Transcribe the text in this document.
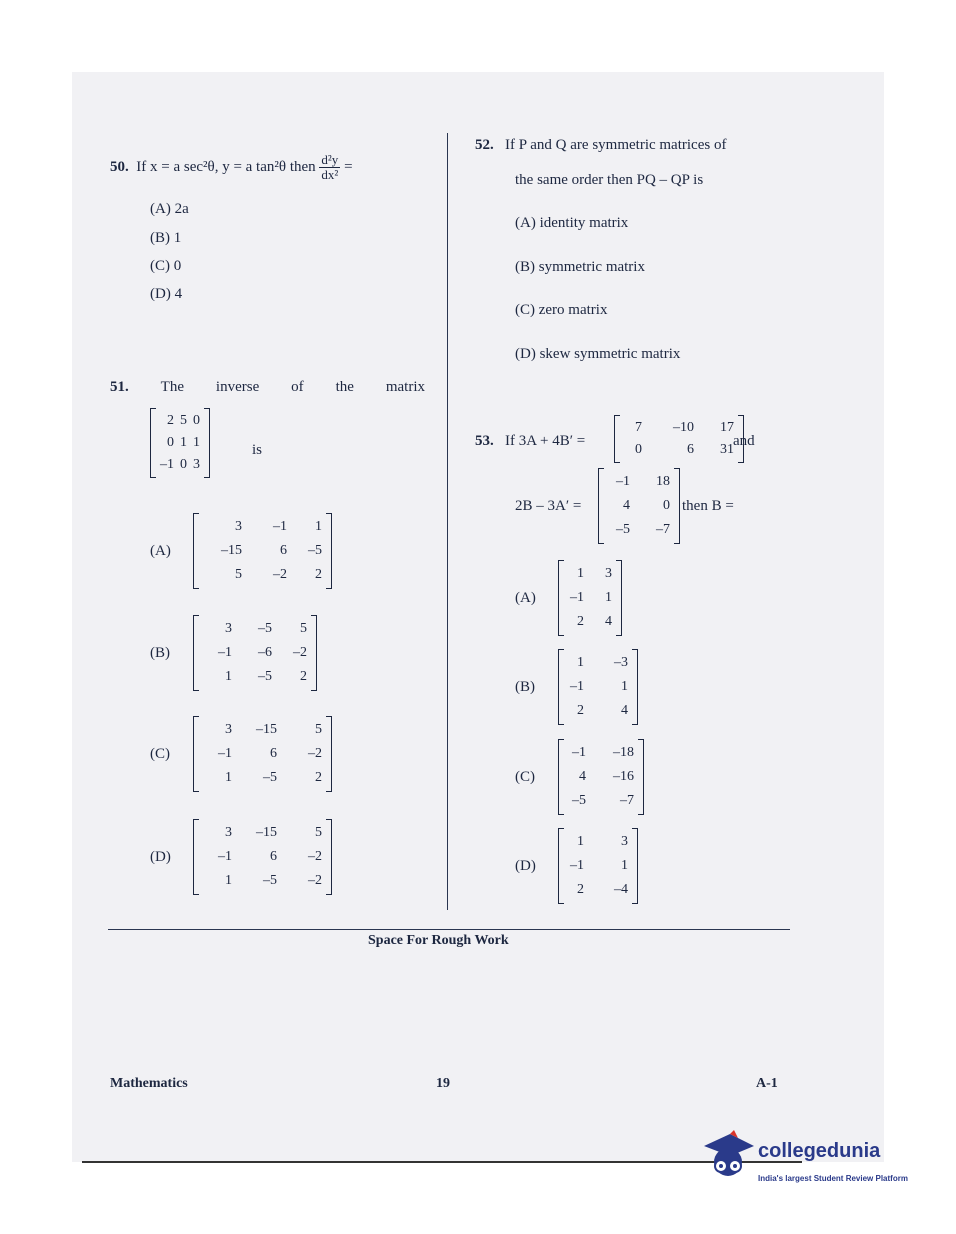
50. If x = a sec²θ, y = a tan²θ then $\frac{\text{d²y}}{\text{dx²}}$ =
(A) 2a
(B) 1
(C) 0
(D) 4
51. The inverse of the matrix
2 5 0
0 1 1
–1 0 3
is
(A)
3	–1	1
–15	6	–5
5	–2	2
(B)
3	–5	5
–1	–6	–2
1	–5	2
(C)
3	–15	5
–1	6	–2
1	–5	2
(D)
3	–15	5
–1	6	–2
1	–5	–2
52. If P and Q are symmetric matrices of
the same order then PQ – QP is
(A) identity matrix
(B) symmetric matrix
(C) zero matrix
(D) skew symmetric matrix
53. If 3A + 4B′ =
7	–10	17
0	6	31
and
2B – 3A′ =
–1	18
4	0
–5	–7
then B =
(A)
1	3
–1	1
2	4
(B)
1	–3
–1	1
2	4
(C)
–1	–18
4	–16
–5	–7
(D)
1	3
–1	1
2	–4
Space For Rough Work
Mathematics	19	A-1
collegedunia
India's largest Student Review Platform
